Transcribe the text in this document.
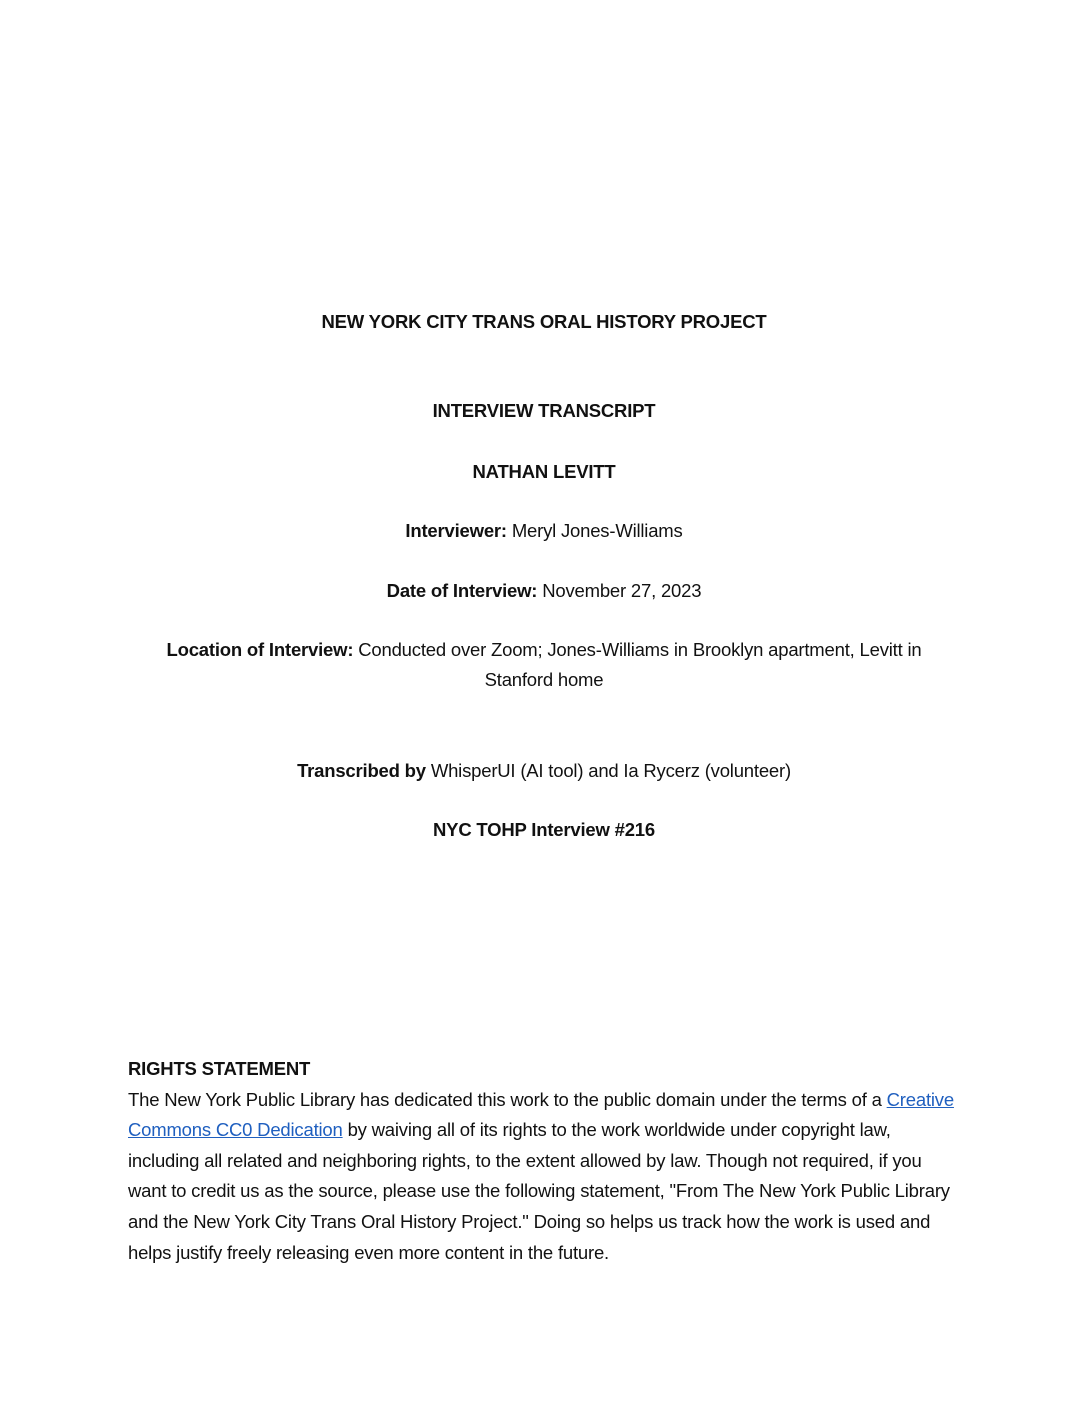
NEW YORK CITY TRANS ORAL HISTORY PROJECT
INTERVIEW TRANSCRIPT
NATHAN LEVITT
Interviewer: Meryl Jones-Williams
Date of Interview: November 27, 2023
Location of Interview: Conducted over Zoom; Jones-Williams in Brooklyn apartment, Levitt in
Stanford home
Transcribed by WhisperUI (AI tool) and Ia Rycerz (volunteer)
NYC TOHP Interview #216
RIGHTS STATEMENT
The New York Public Library has dedicated this work to the public domain under the terms of a Creative Commons CC0 Dedication by waiving all of its rights to the work worldwide under copyright law, including all related and neighboring rights, to the extent allowed by law. Though not required, if you want to credit us as the source, please use the following statement, "From The New York Public Library and the New York City Trans Oral History Project." Doing so helps us track how the work is used and helps justify freely releasing even more content in the future.
